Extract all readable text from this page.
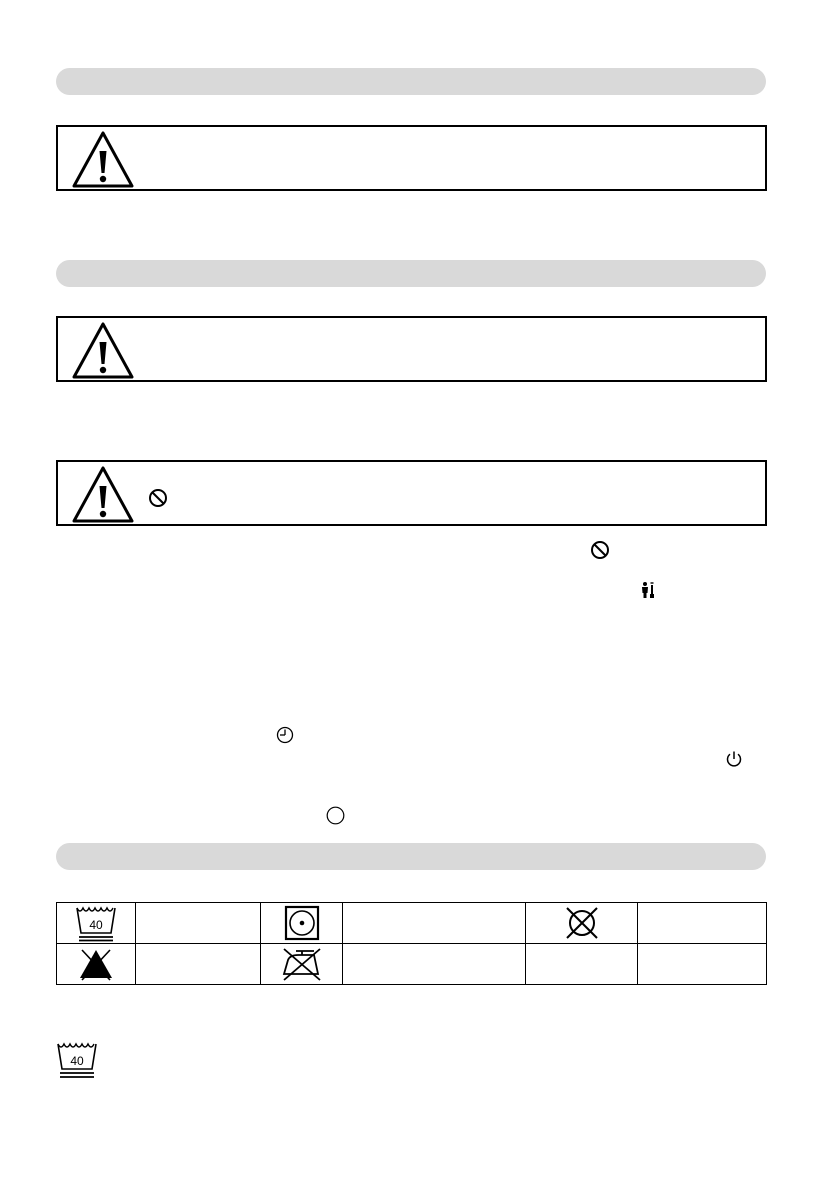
40

40
